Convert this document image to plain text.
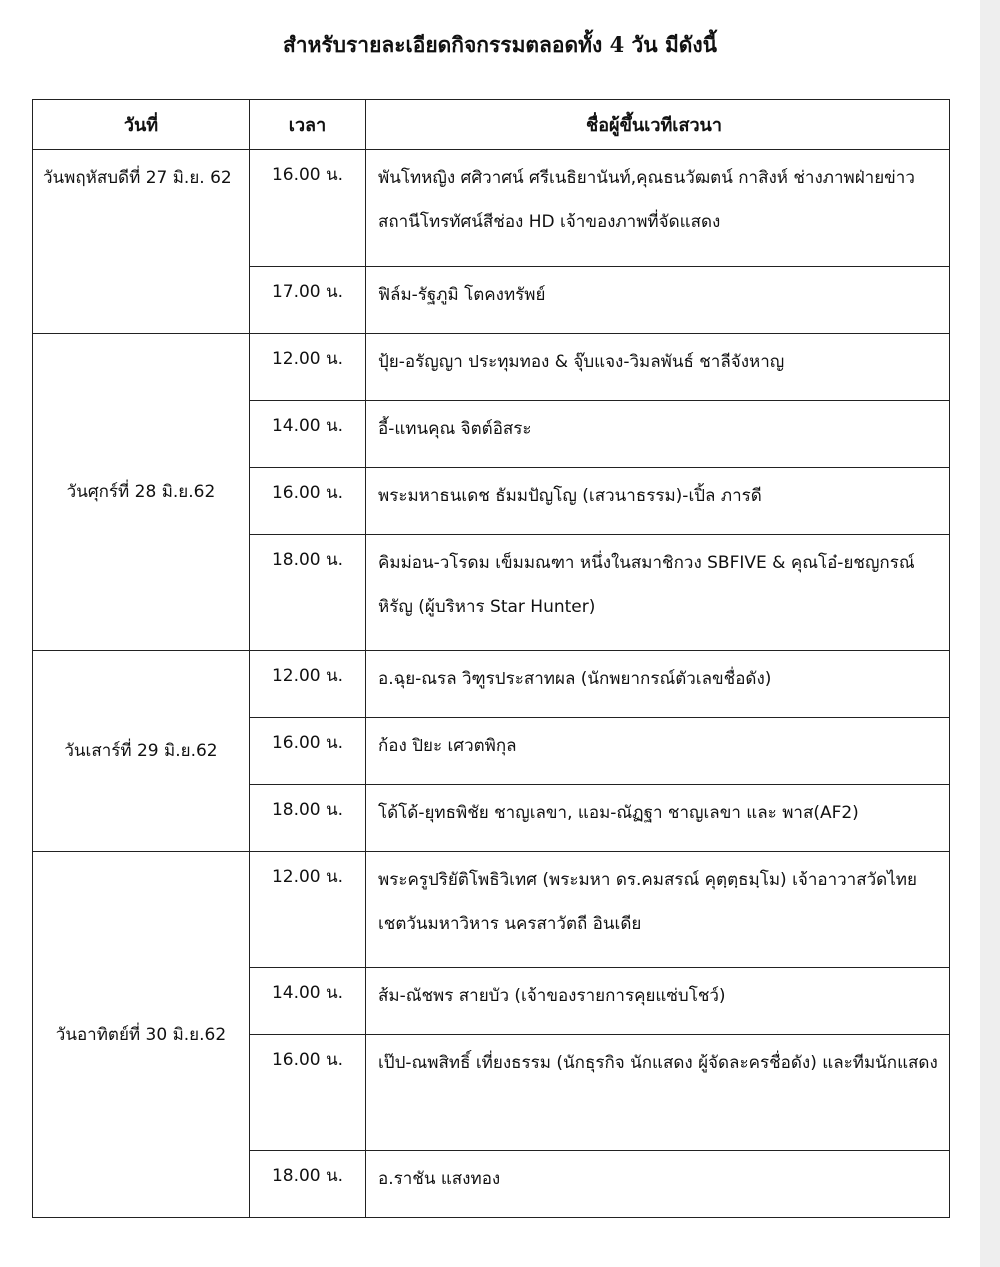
สำหรับรายละเอียดกิจกรรมตลอดทั้ง 4 วัน มีดังนี้
วันที่	เวลา	ชื่อผู้ขึ้นเวทีเสวนา
วันพฤหัสบดีที่ 27 มิ.ย. 62	16.00 น.	พันโทหญิง ศศิวาศน์ ศรีเนธิยานันท์,คุณธนวัฒตน์ กาสิงห์ ช่างภาพฝ่ายข่าว สถานีโทรทัศน์สีช่อง HD เจ้าของภาพที่จัดแสดง
	17.00 น.	ฟิล์ม-รัฐภูมิ โตคงทรัพย์
วันศุกร์ที่ 28 มิ.ย.62	12.00 น.	ปุ้ย-อรัญญา ประทุมทอง & จุ๊บแจง-วิมลพันธ์ ชาลีจังหาญ
	14.00 น.	อี้-แทนคุณ จิตต์อิสระ
	16.00 น.	พระมหาธนเดช ธัมมปัญโญ (เสวนาธรรม)-เปิ้ล ภารดี
	18.00 น.	คิมม่อน-วโรดม เข็มมณฑา หนึ่งในสมาชิกวง SBFIVE & คุณโอ๋-ยชญกรณ์หิรัญ (ผู้บริหาร Star Hunter)
วันเสาร์ที่ 29 มิ.ย.62	12.00 น.	อ.ฉุย-ณรล วิฑูรประสาทผล (นักพยากรณ์ตัวเลขชื่อดัง)
	16.00 น.	ก้อง ปิยะ เศวตพิกุล
	18.00 น.	โด้โด้-ยุทธพิชัย ชาญเลขา, แอม-ณัฏฐา ชาญเลขา และ พาส(AF2)
วันอาทิตย์ที่ 30 มิ.ย.62	12.00 น.	พระครูปริยัติโพธิวิเทศ (พระมหา ดร.คมสรณ์ คุตฺตฺธมฺโม) เจ้าอาวาสวัดไทยเชตวันมหาวิหาร นครสาวัตถี อินเดีย
	14.00 น.	ส้ม-ณัชพร สายบัว (เจ้าของรายการคุยแซ่บโชว์)
	16.00 น.	เป๊ป-ณพสิทธิ์ เที่ยงธรรม (นักธุรกิจ นักแสดง ผู้จัดละครชื่อดัง) และทีมนักแสดง
	18.00 น.	อ.ราชัน แสงทอง
